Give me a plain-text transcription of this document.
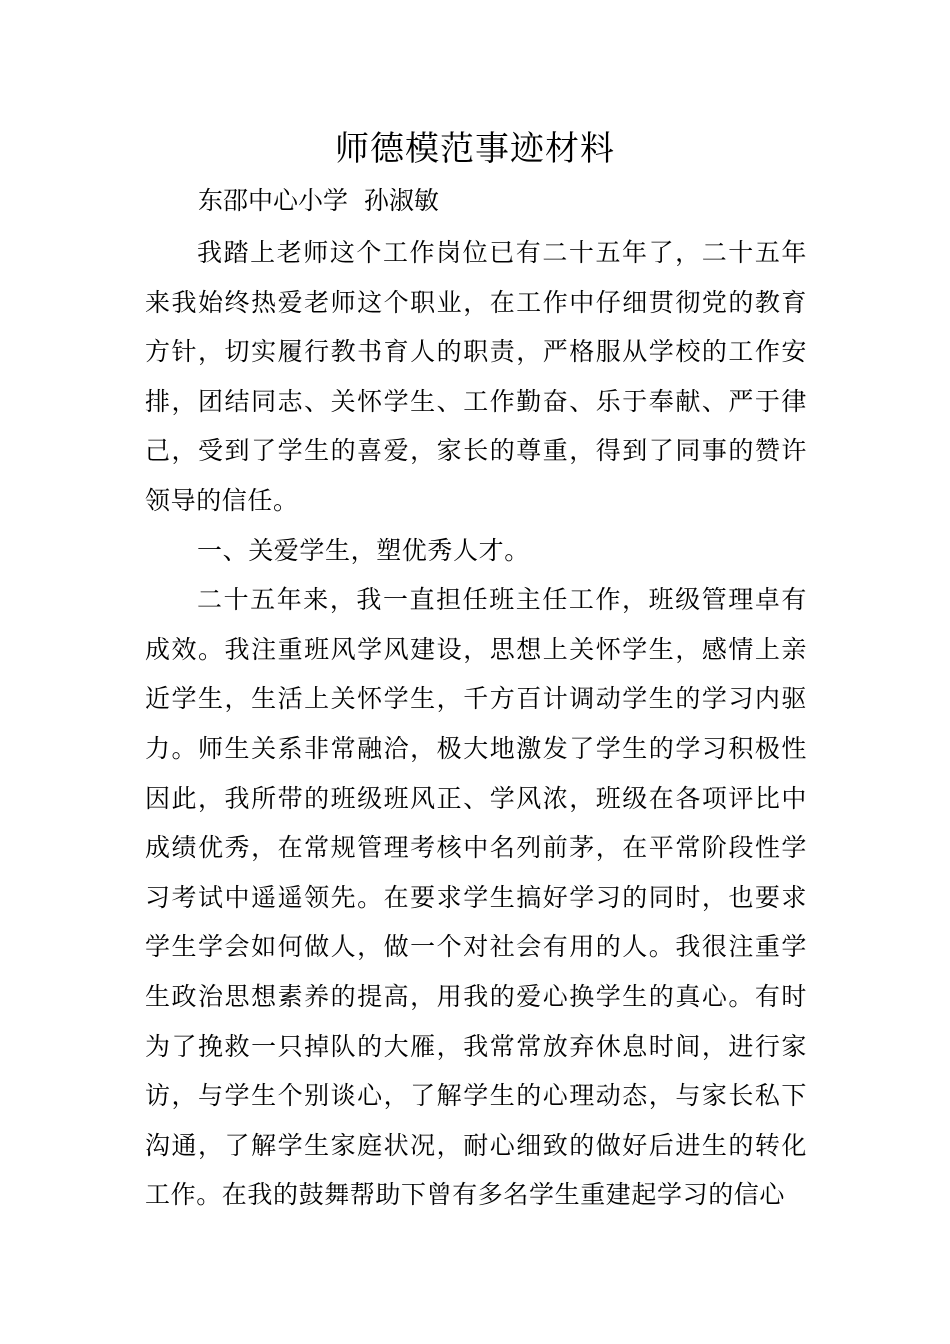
师德模范事迹材料

东邵中心小学  孙淑敏

我踏上老师这个工作岗位已有二十五年了，二十五年来我始终热爱老师这个职业，在工作中仔细贯彻党的教育方针，切实履行教书育人的职责，严格服从学校的工作安排，团结同志、关怀学生、工作勤奋、乐于奉献、严于律己，受到了学生的喜爱，家长的尊重，得到了同事的赞许领导的信任。

一、关爱学生，塑优秀人才。

二十五年来，我一直担任班主任工作，班级管理卓有成效。我注重班风学风建设，思想上关怀学生，感情上亲近学生，生活上关怀学生，千方百计调动学生的学习内驱力。师生关系非常融洽，极大地激发了学生的学习积极性因此，我所带的班级班风正、学风浓，班级在各项评比中成绩优秀，在常规管理考核中名列前茅，在平常阶段性学习考试中遥遥领先。在要求学生搞好学习的同时，也要求学生学会如何做人，做一个对社会有用的人。我很注重学生政治思想素养的提高，用我的爱心换学生的真心。有时为了挽救一只掉队的大雁，我常常放弃休息时间，进行家访，与学生个别谈心，了解学生的心理动态，与家长私下沟通，了解学生家庭状况，耐心细致的做好后进生的转化工作。在我的鼓舞帮助下曾有多名学生重建起学习的信心
